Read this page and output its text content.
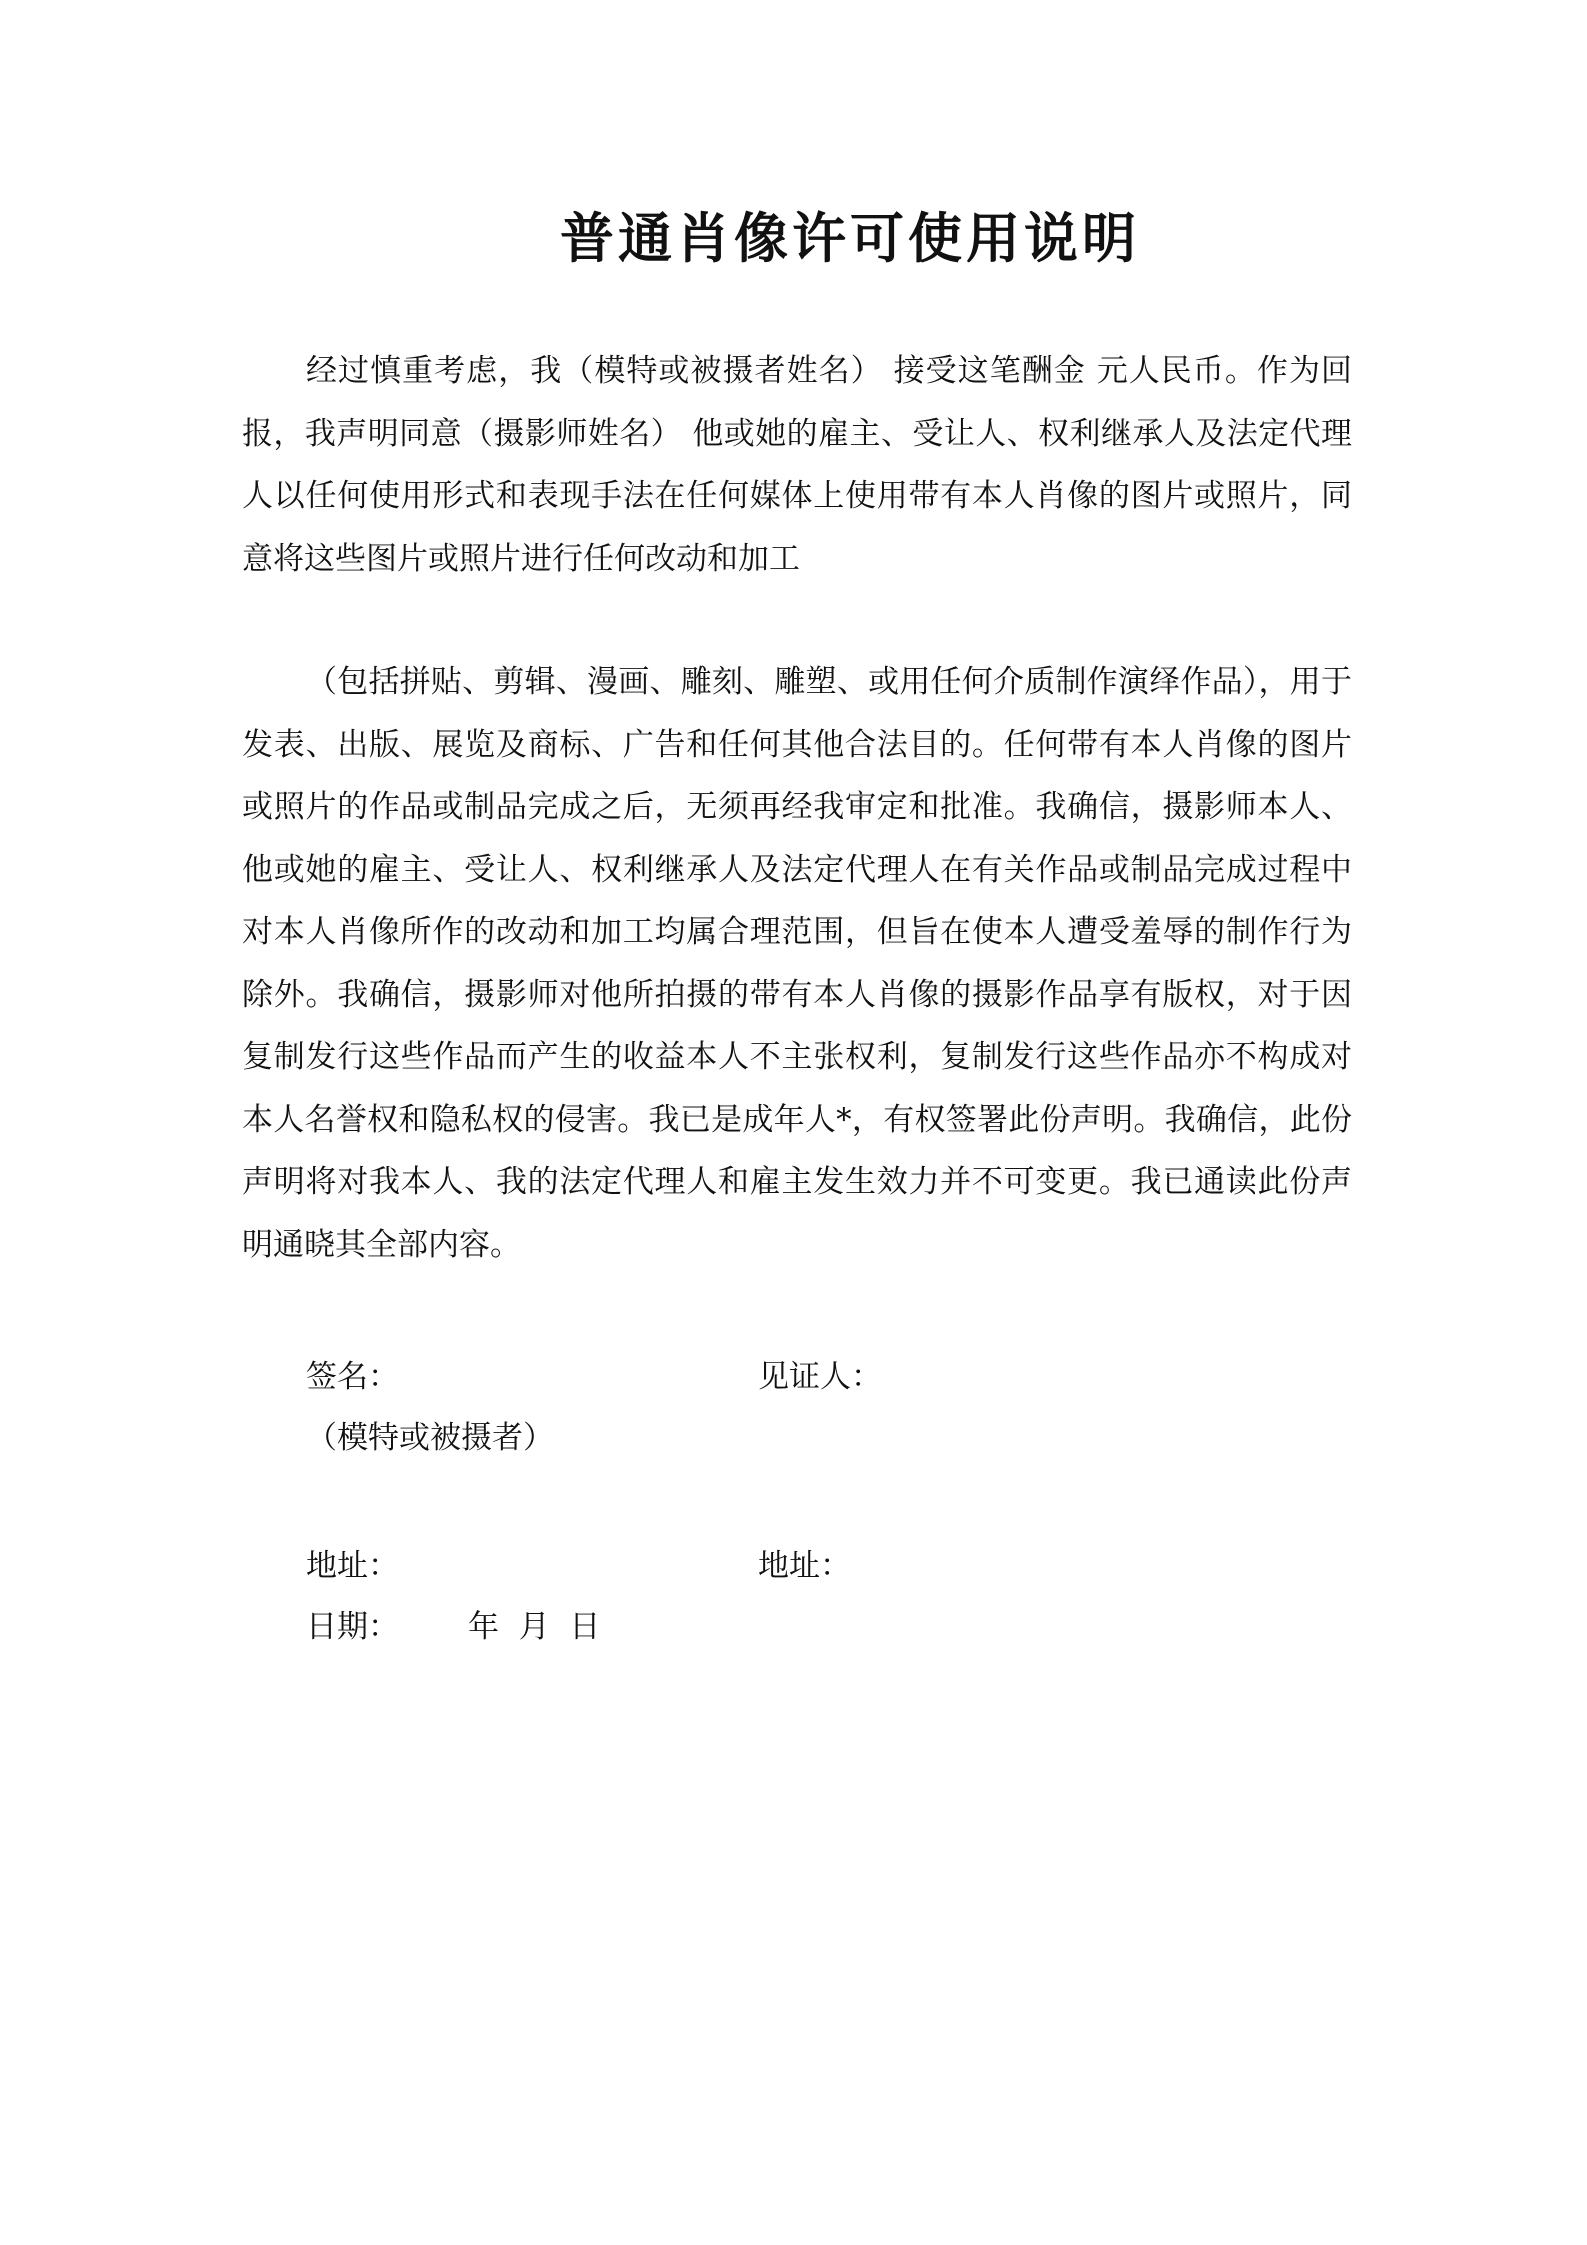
普通肖像许可使用说明

经过慎重考虑，我（模特或被摄者姓名） 接受这笔酬金 元人民币。作为回报，我声明同意（摄影师姓名） 他或她的雇主、受让人、权利继承人及法定代理人以任何使用形式和表现手法在任何媒体上使用带有本人肖像的图片或照片，同意将这些图片或照片进行任何改动和加工

（包括拼贴、剪辑、漫画、雕刻、雕塑、或用任何介质制作演绎作品），用于发表、出版、展览及商标、广告和任何其他合法目的。任何带有本人肖像的图片或照片的作品或制品完成之后，无须再经我审定和批准。我确信，摄影师本人、他或她的雇主、受让人、权利继承人及法定代理人在有关作品或制品完成过程中对本人肖像所作的改动和加工均属合理范围，但旨在使本人遭受羞辱的制作行为除外。我确信，摄影师对他所拍摄的带有本人肖像的摄影作品享有版权，对于因复制发行这些作品而产生的收益本人不主张权利，复制发行这些作品亦不构成对本人名誉权和隐私权的侵害。我已是成年人*，有权签署此份声明。我确信，此份声明将对我本人、我的法定代理人和雇主发生效力并不可变更。我已通读此份声明通晓其全部内容。

签名：	见证人：

（模特或被摄者）

地址：	地址：

日期： 年  月  日
